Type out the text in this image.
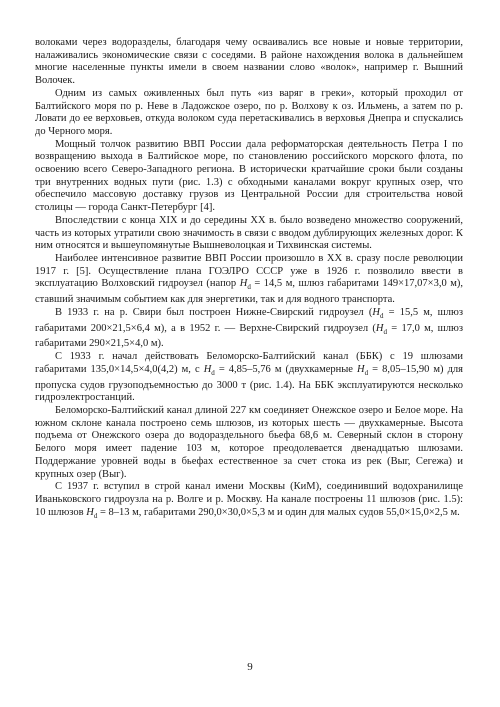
волоками через водоразделы, благодаря чему осваивались все новые и новые территории, налаживались экономические связи с соседями. В районе нахождения волока в дальнейшем многие населенные пункты имели в своем названии слово «волок», например г. Вышний Волочек.

Одним из самых оживленных был путь «из варяг в греки», который проходил от Балтийского моря по р. Неве в Ладожское озеро, по р. Волхову к оз. Ильмень, а затем по р. Ловати до ее верховьев, откуда волоком суда перетаскивались в верховья Днепра и спускались до Черного моря.

Мощный толчок развитию ВВП России дала реформаторская деятельность Петра I по возвращению выхода в Балтийское море, по становлению российского морского флота, по освоению всего Северо-Западного региона. В исторически кратчайшие сроки были созданы три внутренних водных пути (рис. 1.3) с обходными каналами вокруг крупных озер, что обеспечило массовую доставку грузов из Центральной России для строительства новой столицы — города Санкт-Петербург [4].

Впоследствии с конца XIX и до середины XX в. было возведено множество сооружений, часть из которых утратили свою значимость в связи с вводом дублирующих железных дорог. К ним относятся и вышеупомянутые Вышневолоцкая и Тихвинская системы.

Наиболее интенсивное развитие ВВП России произошло в XX в. сразу после революции 1917 г. [5]. Осуществление плана ГОЭЛРО СССР уже в 1926 г. позволило ввести в эксплуатацию Волховский гидроузел (напор $H_d = 14,5$ м, шлюз габаритами 149×17,07×3,0 м), ставший значимым событием как для энергетики, так и для водного транспорта.

В 1933 г. на р. Свири был построен Нижне-Свирский гидроузел ($H_d = 15,5$ м, шлюз габаритами 200×21,5×6,4 м), а в 1952 г. — Верхне-Свирский гидроузел ($H_d = 17,0$ м, шлюз габаритами 290×21,5×4,0 м).

С 1933 г. начал действовать Беломорско-Балтийский канал (ББК) с 19 шлюзами габаритами 135,0×14,5×4,0(4,2) м, с $H_d = 4,85-5,76$ м (двухкамерные $H_d = 8,05-15,90$ м) для пропуска судов грузоподъемностью до 3000 т (рис. 1.4). На ББК эксплуатируются несколько гидроэлектростанций.

Беломорско-Балтийский канал длиной 227 км соединяет Онежское озеро и Белое море. На южном склоне канала построено семь шлюзов, из которых шесть — двухкамерные. Высота подъема от Онежского озера до водораздельного бьефа 68,6 м. Северный склон в сторону Белого моря имеет падение 103 м, которое преодолевается двенадцатью шлюзами. Поддержание уровней воды в бьефах естественное за счет стока из рек (Выг, Сегежа) и крупных озер (Выг).

С 1937 г. вступил в строй канал имени Москвы (КиМ), соединивший водохранилище Иваньковского гидроузла на р. Волге и р. Москву. На канале построены 11 шлюзов (рис. 1.5): 10 шлюзов $H_d = 8-13$ м, габаритами 290,0×30,0×5,3 м и один для малых судов 55,0×15,0×2,5 м.

9
